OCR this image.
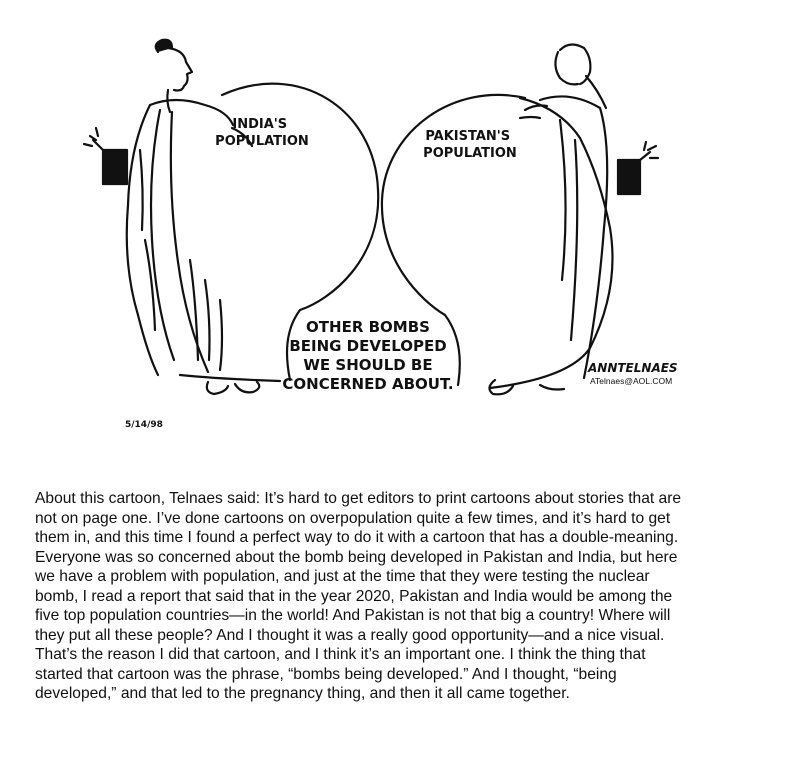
INDIA'S POPULATION	PAKISTAN'S POPULATION
OTHER BOMBS
BEING DEVELOPED
WE SHOULD BE
CONCERNED ABOUT.
ANNTELNAES
ATelnaes@AOL.COM
5/14/98
About this cartoon, Telnaes said: It’s hard to get editors to print cartoons about stories that are
not on page one. I’ve done cartoons on overpopulation quite a few times, and it’s hard to get
them in, and this time I found a perfect way to do it with a cartoon that has a double-meaning.
Everyone was so concerned about the bomb being developed in Pakistan and India, but here
we have a problem with population, and just at the time that they were testing the nuclear
bomb, I read a report that said that in the year 2020, Pakistan and India would be among the
five top population countries—in the world! And Pakistan is not that big a country! Where will
they put all these people? And I thought it was a really good opportunity—and a nice visual.
That’s the reason I did that cartoon, and I think it’s an important one. I think the thing that
started that cartoon was the phrase, “bombs being developed.” And I thought, “being
developed,” and that led to the pregnancy thing, and then it all came together.
